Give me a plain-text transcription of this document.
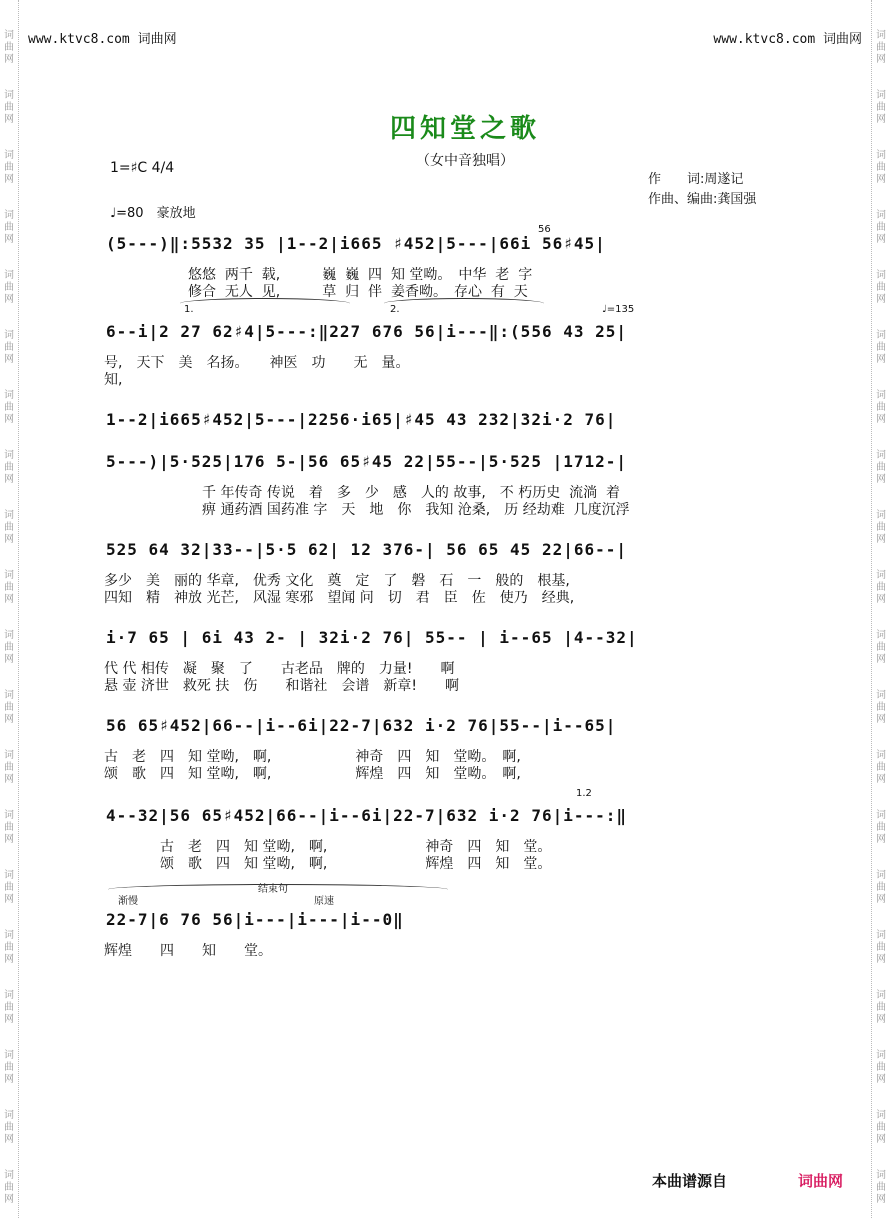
词
曲
网
词
曲
网
词
曲
网
词
曲
网
词
曲
网
词
曲
网
词
曲
网
词
曲
网
词
曲
网
词
曲
网
词
曲
网
词
曲
网
词
曲
网
词
曲
网
词
曲
网
词
曲
网
词
曲
网
词
曲
网
词
曲
网
词
曲
网
词
曲
网
词
曲
网
词
曲
网
词
曲
网
词
曲
网
词
曲
网
词
曲
网
词
曲
网
词
曲
网
词
曲
网
词
曲
网
词
曲
网
词
曲
网
词
曲
网
词
曲
网
词
曲
网
词
曲
网
词
曲
网
词
曲
网
词
曲
网
www.ktvc8.com 词曲网	www.ktvc8.com 词曲网
四知堂之歌
（女中音独唱）
作　　词:周遂记
作曲、编曲:龚国强
1=♯C 4/4
♩=80　豪放地
56
1.	2.	♩=135
1.2
渐慢
结束句
原速
(5---)‖:5532 35 |1--2|i665 ♯452|5---|66i 56♯45|
　　　　　　悠悠  两千  载,　　　巍  巍  四  知 堂呦。　中华  老  字
　　　　　　修合  无人  见,　　　草  归  伴  姜香呦。　存心  有  天
6--i|2 27 62♯4|5---:‖227 676 56|i---‖:(556 43 25|
号,　天下　美　名扬。　　神医　功　　无　量。
知,
1--2|i665♯452|5---|2256·i65|♯45 43 232|32i·2 76|
5---)|5·525|176 5-|56 65♯45 22|55--|5·525 |1712-|
　　　　　　　千 年传奇 传说　着　多　少　感　人的 故事,　不 朽历史  流淌  着
　　　　　　　痹 通药酒 国药准 字　天　地　你　我知 沧桑,　历 经劫难  几度沉浮
525 64 32|33--|5·5 62| 12 376-| 56 65 45 22|66--|
多少　美　丽的 华章,　优秀 文化　奠　定　了　磐　石　一　般的　根基,
四知　精　神放 光芒,　风湿 寒邪　望闻 问　切　君　臣　佐　使乃　经典,
i·7 65 | 6i 43 2- | 32i·2 76| 55-- | i--65 |4--32|
代 代 相传　凝　聚　了　　古老品　牌的　力量!　　啊
悬 壶 济世　救死 扶　伤　　和谐社　会谱　新章!　　啊
56 65♯452|66--|i--6i|22-7|632 i·2 76|55--|i--65|
古　老　四　知 堂呦,　啊,　　　　　　神奇　四　知　堂呦。　啊,
颂　歌　四　知 堂呦,　啊,　　　　　　辉煌　四　知　堂呦。　啊,
4--32|56 65♯452|66--|i--6i|22-7|632 i·2 76|i---:‖
　　　　古　老　四　知 堂呦,　啊,　　　　　　　神奇　四　知　堂。
　　　　颂　歌　四　知 堂呦,　啊,　　　　　　　辉煌　四　知　堂。
22-7|6 76 56|i---|i---|i--0‖
辉煌　　四　　知　　堂。
本曲谱源自	词曲网
